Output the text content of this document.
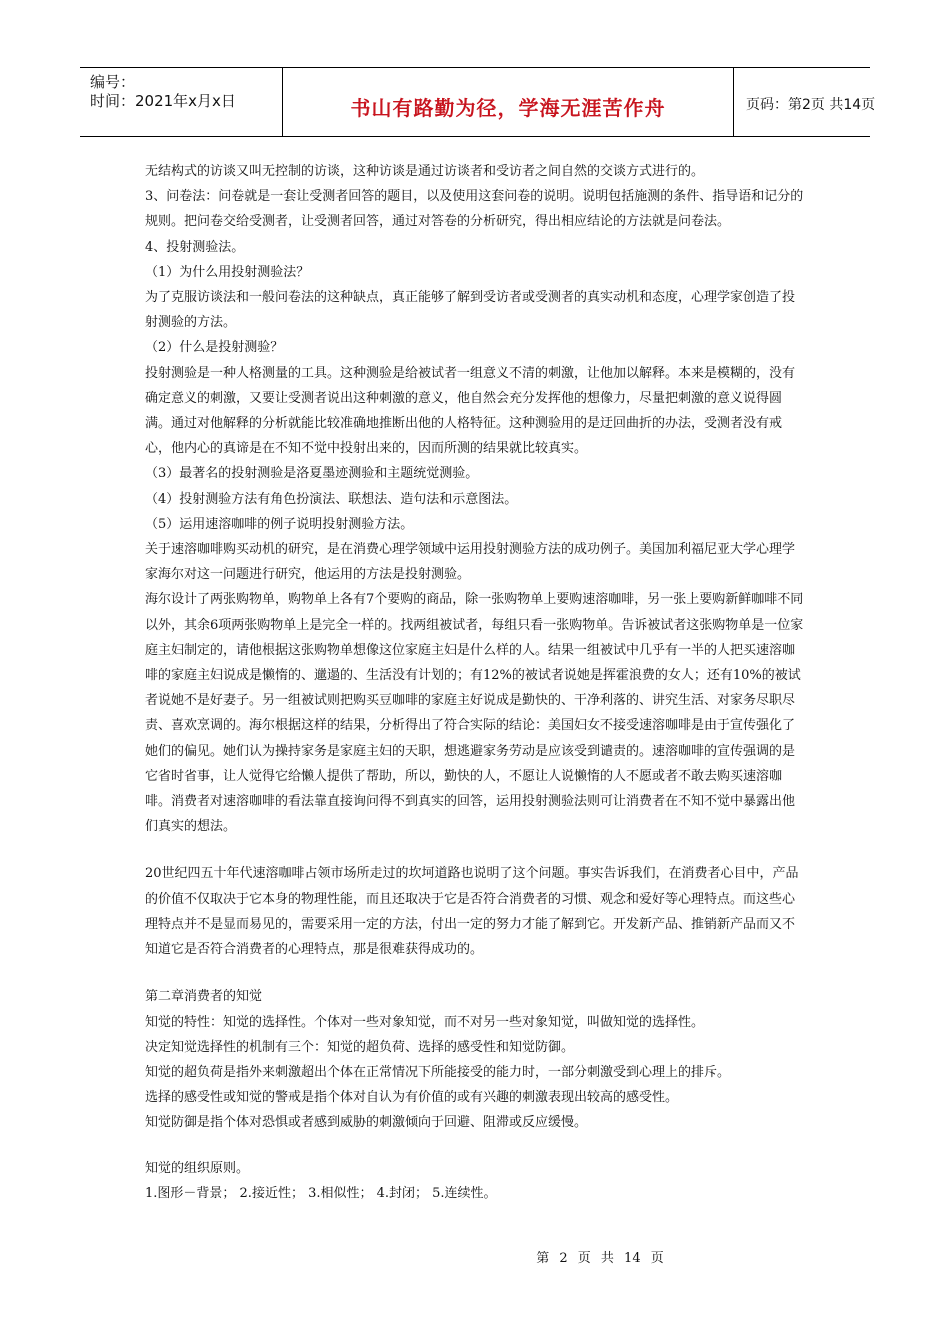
编号：
时间：2021年x月x日	书山有路勤为径，学海无涯苦作舟	页码：第2页 共14页

无结构式的访谈又叫无控制的访谈，这种访谈是通过访谈者和受访者之间自然的交谈方式进行的。

3、问卷法：问卷就是一套让受测者回答的题目，以及使用这套问卷的说明。说明包括施测的条件、指导语和记分的规则。把问卷交给受测者，让受测者回答，通过对答卷的分析研究，得出相应结论的方法就是问卷法。

4、投射测验法。

（1）为什么用投射测验法？

为了克服访谈法和一般问卷法的这种缺点，真正能够了解到受访者或受测者的真实动机和态度，心理学家创造了投射测验的方法。

（2）什么是投射测验？

投射测验是一种人格测量的工具。这种测验是给被试者一组意义不清的刺激，让他加以解释。本来是模糊的，没有确定意义的刺激，又要让受测者说出这种刺激的意义，他自然会充分发挥他的想像力，尽量把刺激的意义说得圆满。通过对他解释的分析就能比较准确地推断出他的人格特征。这种测验用的是迂回曲折的办法，受测者没有戒心，他内心的真谛是在不知不觉中投射出来的，因而所测的结果就比较真实。

（3）最著名的投射测验是洛夏墨迹测验和主题统觉测验。

（4）投射测验方法有角色扮演法、联想法、造句法和示意图法。

（5）运用速溶咖啡的例子说明投射测验方法。

关于速溶咖啡购买动机的研究，是在消费心理学领域中运用投射测验方法的成功例子。美国加利福尼亚大学心理学家海尔对这一问题进行研究，他运用的方法是投射测验。

海尔设计了两张购物单，购物单上各有7个要购的商品，除一张购物单上要购速溶咖啡，另一张上要购新鲜咖啡不同以外，其余6项两张购物单上是完全一样的。找两组被试者，每组只看一张购物单。告诉被试者这张购物单是一位家庭主妇制定的，请他根据这张购物单想像这位家庭主妇是什么样的人。结果一组被试中几乎有一半的人把买速溶咖啡的家庭主妇说成是懒惰的、邋遢的、生活没有计划的；有12%的被试者说她是挥霍浪费的女人；还有10%的被试者说她不是好妻子。另一组被试则把购买豆咖啡的家庭主好说成是勤快的、干净利落的、讲究生活、对家务尽职尽责、喜欢烹调的。海尔根据这样的结果，分析得出了符合实际的结论：美国妇女不接受速溶咖啡是由于宣传强化了她们的偏见。她们认为操持家务是家庭主妇的天职，想逃避家务劳动是应该受到谴责的。速溶咖啡的宣传强调的是它省时省事，让人觉得它给懒人提供了帮助，所以，勤快的人，不愿让人说懒惰的人不愿或者不敢去购买速溶咖啡。消费者对速溶咖啡的看法靠直接询问得不到真实的回答，运用投射测验法则可让消费者在不知不觉中暴露出他们真实的想法。

20世纪四五十年代速溶咖啡占领市场所走过的坎坷道路也说明了这个问题。事实告诉我们，在消费者心目中，产品的价值不仅取决于它本身的物理性能，而且还取决于它是否符合消费者的习惯、观念和爱好等心理特点。而这些心理特点并不是显而易见的，需要采用一定的方法，付出一定的努力才能了解到它。开发新产品、推销新产品而又不知道它是否符合消费者的心理特点，那是很难获得成功的。

第二章消费者的知觉

知觉的特性：知觉的选择性。个体对一些对象知觉，而不对另一些对象知觉，叫做知觉的选择性。

决定知觉选择性的机制有三个：知觉的超负荷、选择的感受性和知觉防御。

知觉的超负荷是指外来刺激超出个体在正常情况下所能接受的能力时，一部分刺激受到心理上的排斥。

选择的感受性或知觉的警戒是指个体对自认为有价值的或有兴趣的刺激表现出较高的感受性。

知觉防御是指个体对恐惧或者感到威胁的刺激倾向于回避、阻滞或反应缓慢。

知觉的组织原则。

1.图形－背景； 2.接近性； 3.相似性； 4.封闭； 5.连续性。

第 2 页 共 14 页
